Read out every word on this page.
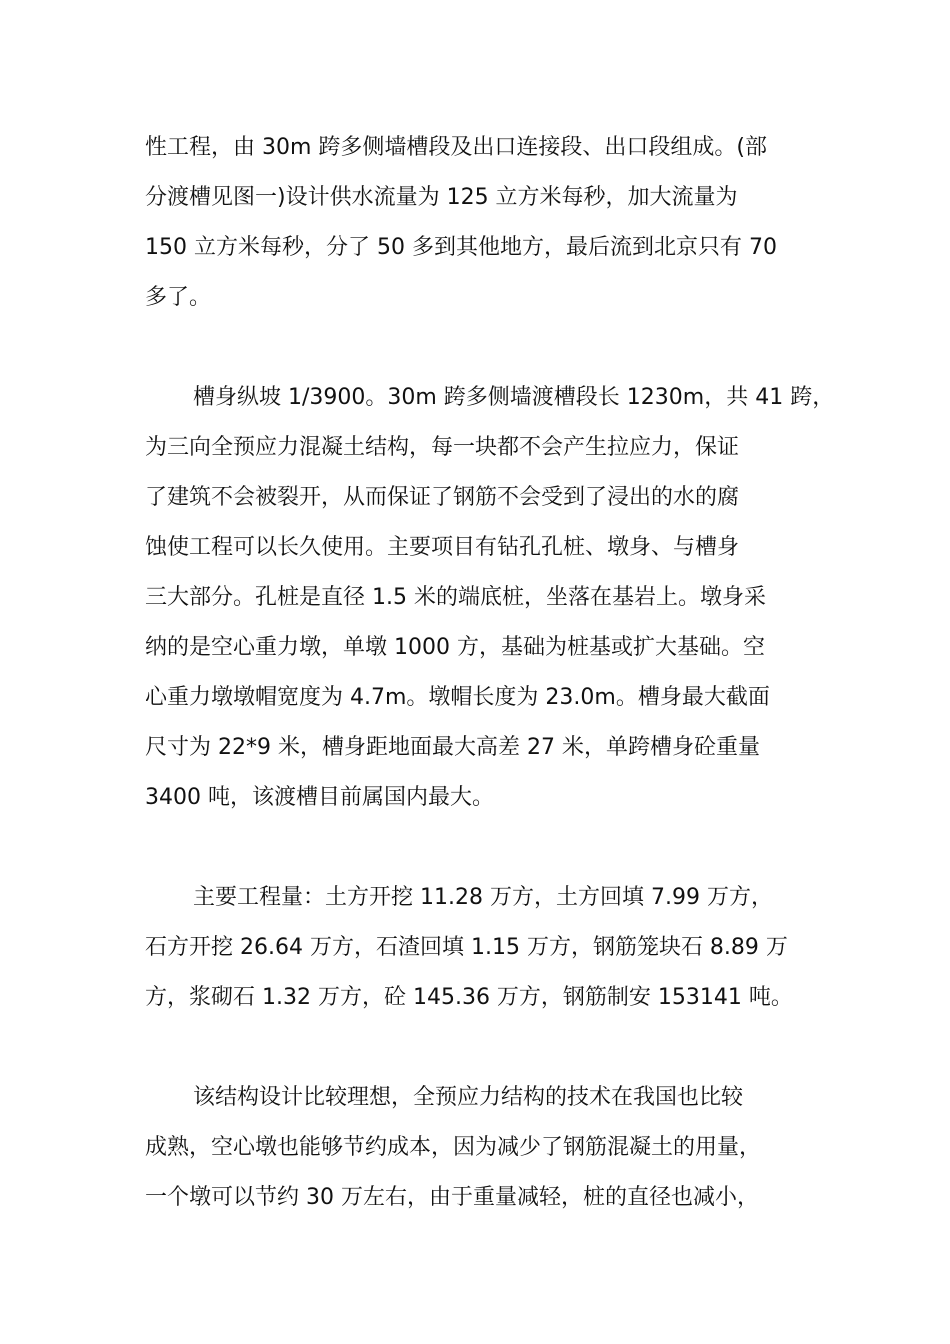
性工程，由 30m 跨多侧墙槽段及出口连接段、出口段组成。(部
分渡槽见图一)设计供水流量为 125 立方米每秒，加大流量为
150 立方米每秒，分了 50 多到其他地方，最后流到北京只有 70
多了。
槽身纵坡 1/3900。30m 跨多侧墙渡槽段长 1230m，共 41 跨，
为三向全预应力混凝土结构，每一块都不会产生拉应力，保证
了建筑不会被裂开，从而保证了钢筋不会受到了浸出的水的腐
蚀使工程可以长久使用。主要项目有钻孔孔桩、墩身、与槽身
三大部分。孔桩是直径 1.5 米的端底桩，坐落在基岩上。墩身采
纳的是空心重力墩，单墩 1000 方，基础为桩基或扩大基础。空
心重力墩墩帽宽度为 4.7m。墩帽长度为 23.0m。槽身最大截面
尺寸为 22*9 米，槽身距地面最大高差 27 米，单跨槽身砼重量
3400 吨，该渡槽目前属国内最大。
主要工程量：土方开挖 11.28 万方，土方回填 7.99 万方，
石方开挖 26.64 万方，石渣回填 1.15 万方，钢筋笼块石 8.89 万
方，浆砌石 1.32 万方，砼 145.36 万方，钢筋制安 153141 吨。
该结构设计比较理想，全预应力结构的技术在我国也比较
成熟，空心墩也能够节约成本，因为减少了钢筋混凝土的用量，
一个墩可以节约 30 万左右，由于重量减轻，桩的直径也减小，
